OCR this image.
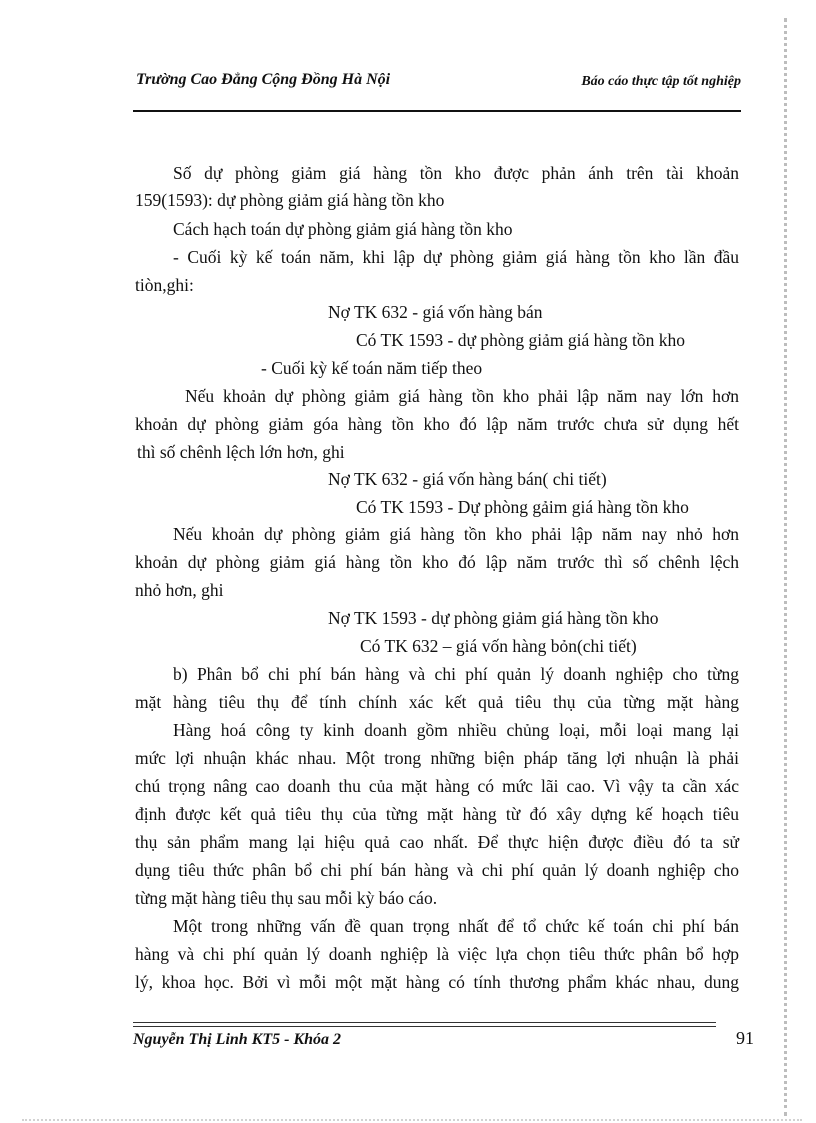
Trường Cao Đẳng Cộng Đồng Hà Nội	Báo cáo thực tập tốt nghiệp
Số dự phòng giảm giá hàng tồn kho được phản ánh trên tài khoản
159(1593): dự phòng giảm giá hàng tồn kho
Cách hạch toán dự phòng giảm giá hàng tồn kho
- Cuối kỳ kế toán năm, khi lập dự phòng giảm giá hàng tồn kho lần đầu
tiòn,ghi:
Nợ TK 632 - giá vốn hàng bán
Có TK 1593 - dự phòng giảm giá hàng tồn kho
- Cuối kỳ kế toán năm tiếp theo
Nếu khoản dự phòng giảm giá hàng tồn kho phải lập năm nay lớn hơn
khoản dự phòng giảm góa hàng tồn kho đó lập năm trước chưa sử dụng hết
thì số chênh lệch lớn hơn, ghi
Nợ TK 632 - giá vốn hàng bán( chi tiết)
Có TK 1593 - Dự phòng gảim giá hàng tồn kho
Nếu khoản dự phòng giảm giá hàng tồn kho phải lập năm nay nhỏ hơn
khoản dự phòng giảm giá hàng tồn kho đó lập năm trước thì số chênh lệch
nhỏ hơn, ghi
Nợ TK 1593 - dự phòng giảm giá hàng tồn kho
Có TK 632 – giá vốn hàng bỏn(chi tiết)
b) Phân bổ chi phí bán hàng và chi phí quản lý doanh nghiệp cho từng
mặt hàng tiêu thụ để tính chính xác kết quả tiêu thụ của từng mặt hàng
Hàng hoá công ty kinh doanh gồm nhiều chủng loại, mỗi loại mang lại
mức lợi nhuận khác nhau. Một trong những biện pháp tăng lợi nhuận là phải
chú trọng nâng cao doanh thu của mặt hàng có mức lãi cao. Vì vậy ta cần xác
định được kết quả tiêu thụ của từng mặt hàng từ đó xây dựng kế hoạch tiêu
thụ sản phẩm mang lại hiệu quả cao nhất. Để thực hiện được điều đó ta sử
dụng tiêu thức phân bổ chi phí bán hàng và chi phí quản lý doanh nghiệp cho
từng mặt hàng tiêu thụ sau mỗi kỳ báo cáo.
Một trong những vấn đề quan trọng nhất để tổ chức kế toán chi phí bán
hàng và chi phí quản lý doanh nghiệp là việc lựa chọn tiêu thức phân bổ hợp
lý, khoa học. Bởi vì mỗi một mặt hàng có tính thương phẩm khác nhau, dung
Nguyễn Thị Linh KT5 - Khóa 2	91
